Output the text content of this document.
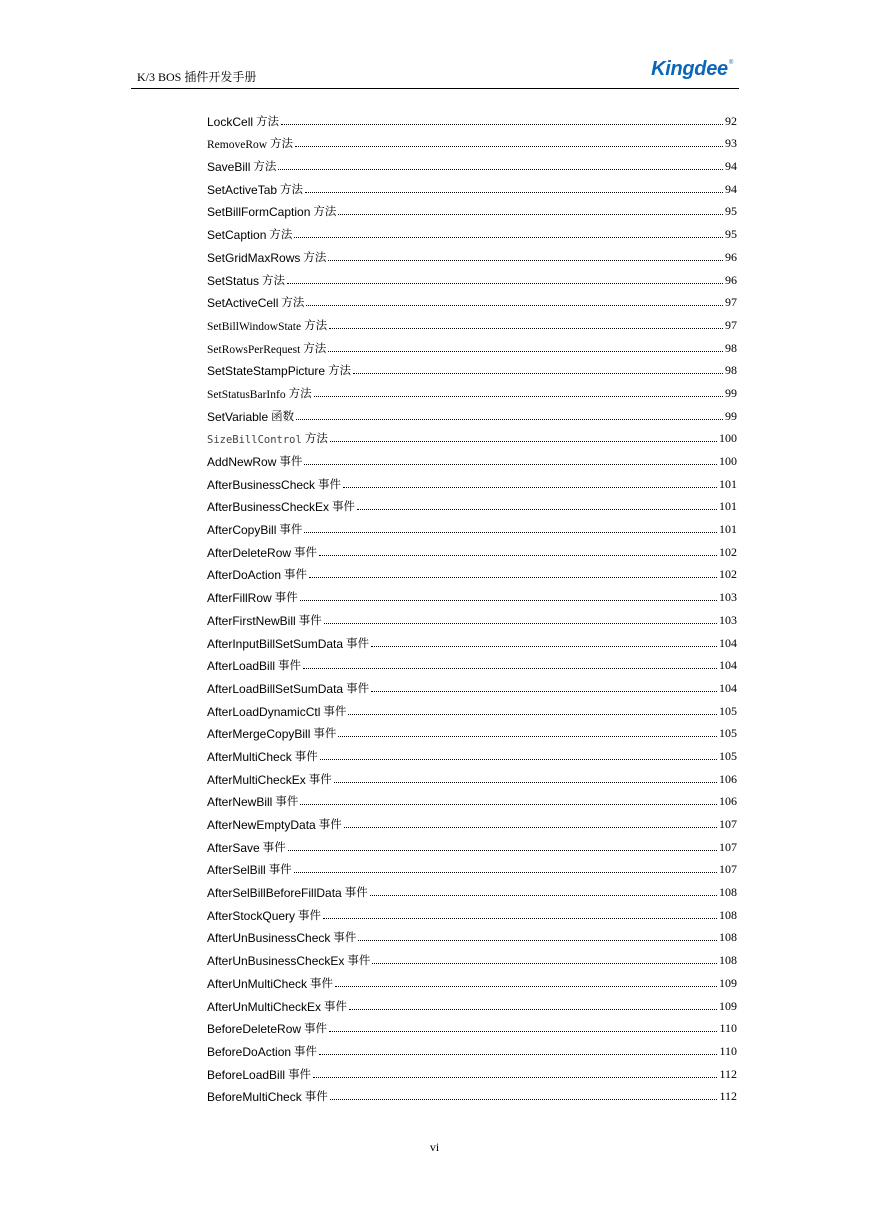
K/3 BOS 插件开发手册	Kingdee®
LockCell 方法	92
RemoveRow 方法	93
SaveBill 方法	94
SetActiveTab 方法	94
SetBillFormCaption 方法	95
SetCaption 方法	95
SetGridMaxRows 方法	96
SetStatus 方法	96
SetActiveCell 方法	97
SetBillWindowState 方法	97
SetRowsPerRequest 方法	98
SetStateStampPicture 方法	98
SetStatusBarInfo 方法	99
SetVariable 函数	99
SizeBillControl 方法	100
AddNewRow 事件	100
AfterBusinessCheck 事件	101
AfterBusinessCheckEx 事件	101
AfterCopyBill 事件	101
AfterDeleteRow 事件	102
AfterDoAction 事件	102
AfterFillRow 事件	103
AfterFirstNewBill 事件	103
AfterInputBillSetSumData 事件	104
AfterLoadBill 事件	104
AfterLoadBillSetSumData 事件	104
AfterLoadDynamicCtl 事件	105
AfterMergeCopyBill 事件	105
AfterMultiCheck 事件	105
AfterMultiCheckEx 事件	106
AfterNewBill 事件	106
AfterNewEmptyData 事件	107
AfterSave 事件	107
AfterSelBill 事件	107
AfterSelBillBeforeFillData 事件	108
AfterStockQuery 事件	108
AfterUnBusinessCheck 事件	108
AfterUnBusinessCheckEx 事件	108
AfterUnMultiCheck 事件	109
AfterUnMultiCheckEx 事件	109
BeforeDeleteRow 事件	110
BeforeDoAction 事件	110
BeforeLoadBill 事件	112
BeforeMultiCheck 事件	112
vi
